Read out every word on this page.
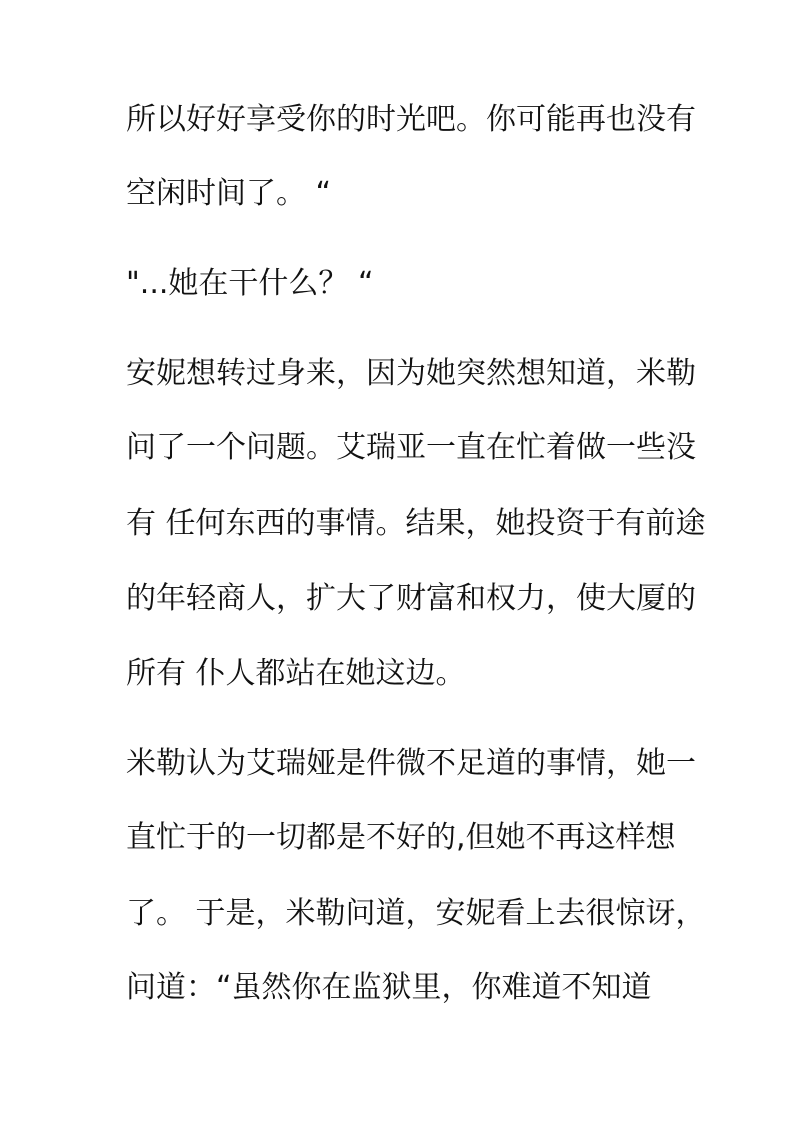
所以好好享受你的时光吧。你可能再也没有
空闲时间了。 “
"...她在干什么？ “
安妮想转过身来，因为她突然想知道，米勒
问了一个问题。艾瑞亚一直在忙着做一些没
有 任何东西的事情。结果，她投资于有前途
的年轻商人，扩大了财富和权力，使大厦的
所有 仆人都站在她这边。
米勒认为艾瑞娅是件微不足道的事情，她一
直忙于的一切都是不好的,但她不再这样想
了。 于是，米勒问道，安妮看上去很惊讶，
问道：“虽然你在监狱里，你难道不知道
